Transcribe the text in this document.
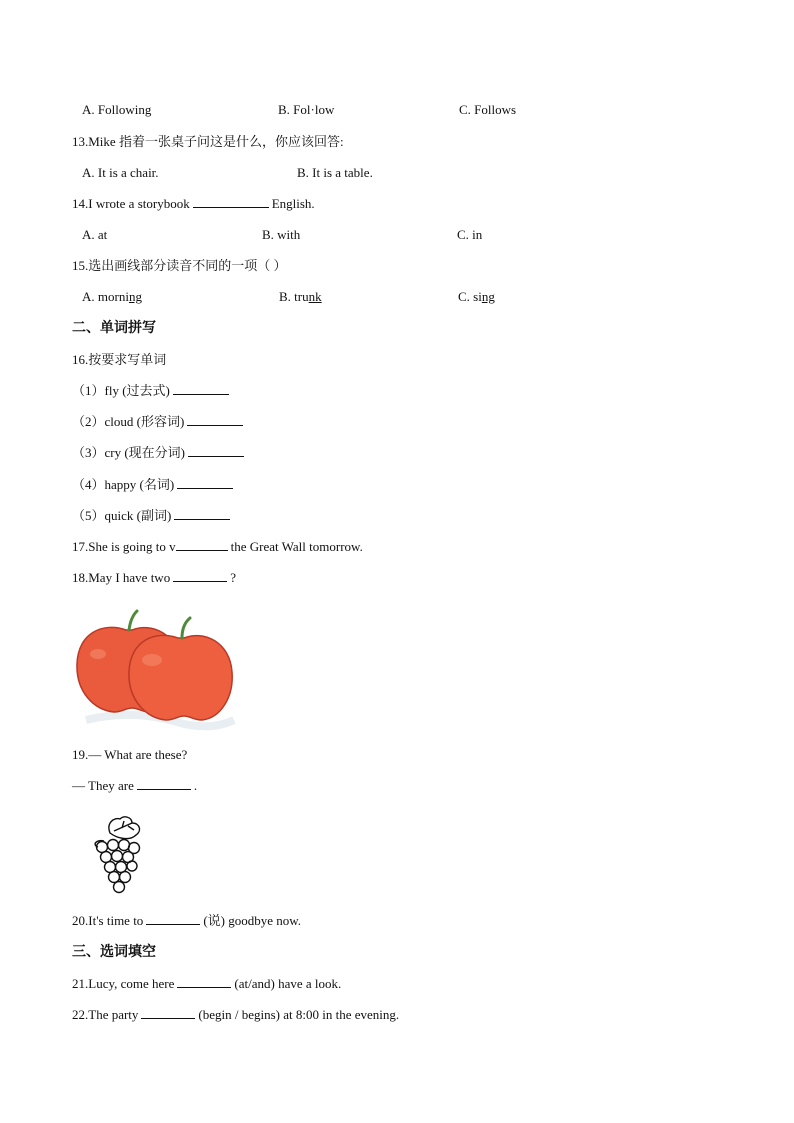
A. Following	B. Fol·low	C. Follows
13.Mike 指着一张桌子问这是什么，你应该回答:
A. It is a chair.	B. It is a table.
14.I wrote a storybook	English.
A. at	B. with	C. in
15.选出画线部分读音不同的一项（ ）
A. morning	B. trunk	C. sing
二、单词拼写
16.按要求写单词
（1）fly (过去式)
（2）cloud (形容词)
（3）cry (现在分词)
（4）happy (名词)
（5）quick (副词)
17.She is going to v	the Great Wall tomorrow.
18.May I have two	?
19.— What are these?
— They are	.
20.It's time to	(说) goodbye now.
三、选词填空
21.Lucy, come here	(at/and) have a look.
22.The party	(begin / begins) at 8:00 in the evening.
